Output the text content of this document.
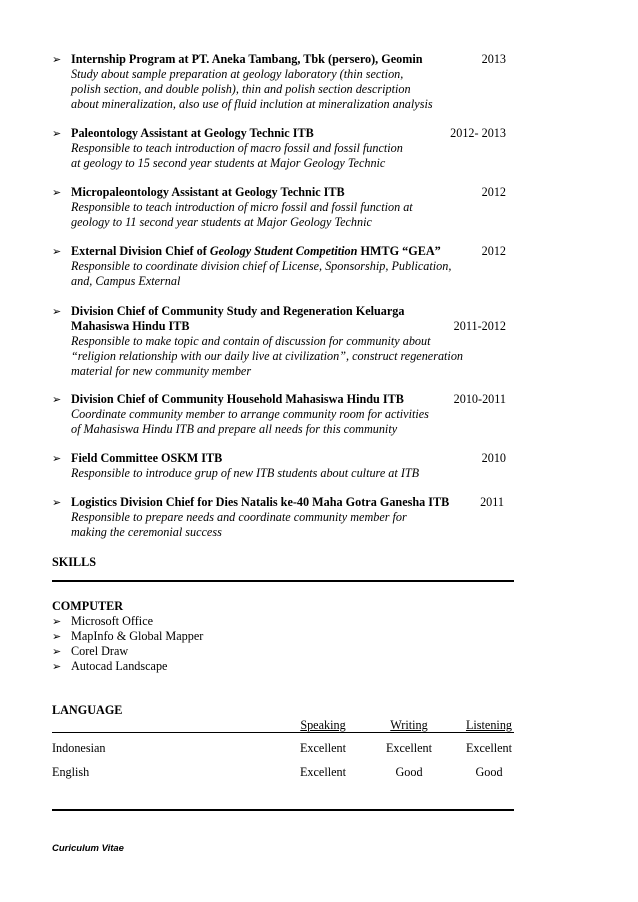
➢ Internship Program at PT. Aneka Tambang, Tbk (persero), Geomin	2013
Study about sample preparation at geology laboratory (thin section,
polish section, and double polish), thin and polish section description
about mineralization, also use of fluid inclution at mineralization analysis
➢ Paleontology Assistant at Geology Technic ITB	2012- 2013
Responsible to teach introduction of macro fossil and fossil function
at geology to 15 second year students at Major Geology Technic
➢ Micropaleontology Assistant at Geology Technic ITB	2012
Responsible to teach introduction of micro fossil and fossil function at
geology to 11 second year students at Major Geology Technic
➢ External Division Chief of Geology Student Competition HMTG “GEA”	2012
Responsible to coordinate division chief of License, Sponsorship, Publication,
and, Campus External
➢ Division Chief of Community Study and Regeneration Keluarga
Mahasiswa Hindu ITB	2011-2012
Responsible to make topic and contain of discussion for community about
“religion relationship with our daily live at civilization”, construct regeneration
material for new community member
➢ Division Chief of Community Household Mahasiswa Hindu ITB	2010-2011
Coordinate community member to arrange community room for activities
of Mahasiswa Hindu ITB and prepare all needs for this community
➢ Field Committee OSKM ITB	2010
Responsible to introduce grup of new ITB students about culture at ITB
➢ Logistics Division Chief for Dies Natalis ke-40 Maha Gotra Ganesha ITB	2011
Responsible to prepare needs and coordinate community member for
making the ceremonial success
SKILLS
COMPUTER
➢ Microsoft Office
➢ MapInfo & Global Mapper
➢ Corel Draw
➢ Autocad Landscape
LANGUAGE
Speaking	Writing	Listening
Indonesian	Excellent	Excellent	Excellent
English	Excellent	Good	Good
Curiculum Vitae
